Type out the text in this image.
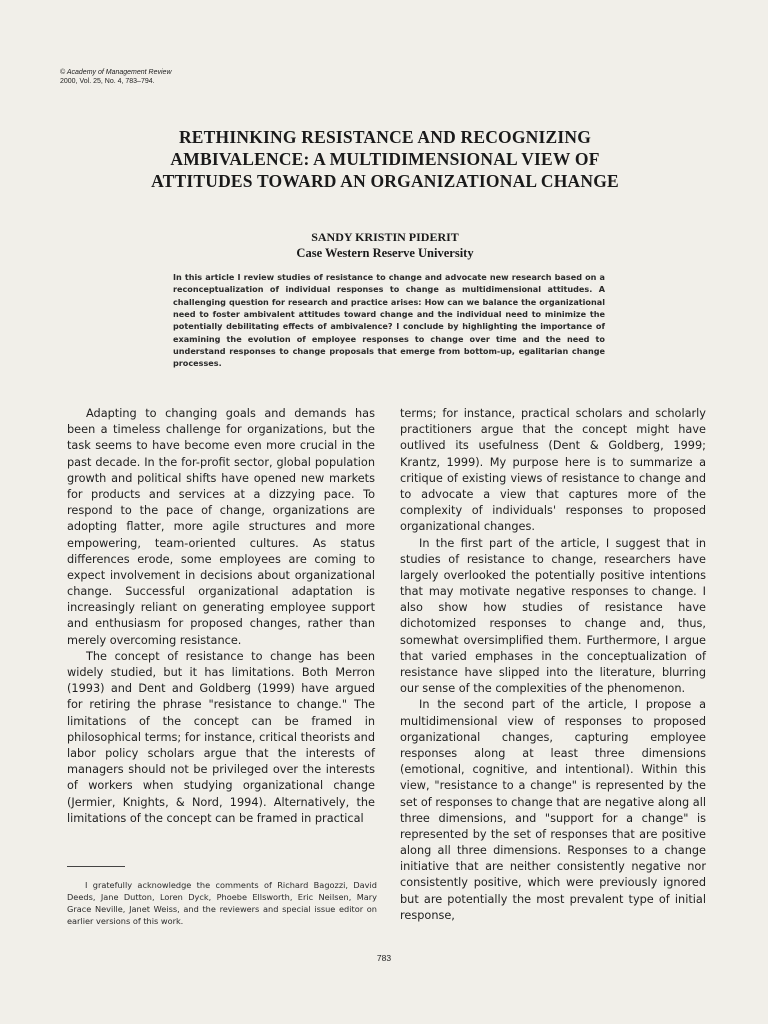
© Academy of Management Review
2000, Vol. 25, No. 4, 783–794.
RETHINKING RESISTANCE AND RECOGNIZING AMBIVALENCE: A MULTIDIMENSIONAL VIEW OF ATTITUDES TOWARD AN ORGANIZATIONAL CHANGE
SANDY KRISTIN PIDERIT
Case Western Reserve University
In this article I review studies of resistance to change and advocate new research based on a reconceptualization of individual responses to change as multidimensional attitudes. A challenging question for research and practice arises: How can we balance the organizational need to foster ambivalent attitudes toward change and the individual need to minimize the potentially debilitating effects of ambivalence? I conclude by highlighting the importance of examining the evolution of employee responses to change over time and the need to understand responses to change proposals that emerge from bottom-up, egalitarian change processes.

Adapting to changing goals and demands has been a timeless challenge for organizations, but the task seems to have become even more crucial in the past decade. In the for-profit sector, global population growth and political shifts have opened new markets for products and services at a dizzying pace. To respond to the pace of change, organizations are adopting flatter, more agile structures and more empowering, team-oriented cultures. As status differences erode, some employees are coming to expect involvement in decisions about organizational change. Successful organizational adaptation is increasingly reliant on generating employee support and enthusiasm for proposed changes, rather than merely overcoming resistance.

The concept of resistance to change has been widely studied, but it has limitations. Both Merron (1993) and Dent and Goldberg (1999) have argued for retiring the phrase "resistance to change." The limitations of the concept can be framed in philosophical terms; for instance, critical theorists and labor policy scholars argue that the interests of managers should not be privileged over the interests of workers when studying organizational change (Jermier, Knights, & Nord, 1994). Alternatively, the limitations of the concept can be framed in practical

I gratefully acknowledge the comments of Richard Bagozzi, David Deeds, Jane Dutton, Loren Dyck, Phoebe Ellsworth, Eric Neilsen, Mary Grace Neville, Janet Weiss, and the reviewers and special issue editor on earlier versions of this work.

terms; for instance, practical scholars and scholarly practitioners argue that the concept might have outlived its usefulness (Dent & Goldberg, 1999; Krantz, 1999). My purpose here is to summarize a critique of existing views of resistance to change and to advocate a view that captures more of the complexity of individuals' responses to proposed organizational changes.

In the first part of the article, I suggest that in studies of resistance to change, researchers have largely overlooked the potentially positive intentions that may motivate negative responses to change. I also show how studies of resistance have dichotomized responses to change and, thus, somewhat oversimplified them. Furthermore, I argue that varied emphases in the conceptualization of resistance have slipped into the literature, blurring our sense of the complexities of the phenomenon.

In the second part of the article, I propose a multidimensional view of responses to proposed organizational changes, capturing employee responses along at least three dimensions (emotional, cognitive, and intentional). Within this view, "resistance to a change" is represented by the set of responses to change that are negative along all three dimensions, and "support for a change" is represented by the set of responses that are positive along all three dimensions. Responses to a change initiative that are neither consistently negative nor consistently positive, which were previously ignored but are potentially the most prevalent type of initial response,

783
